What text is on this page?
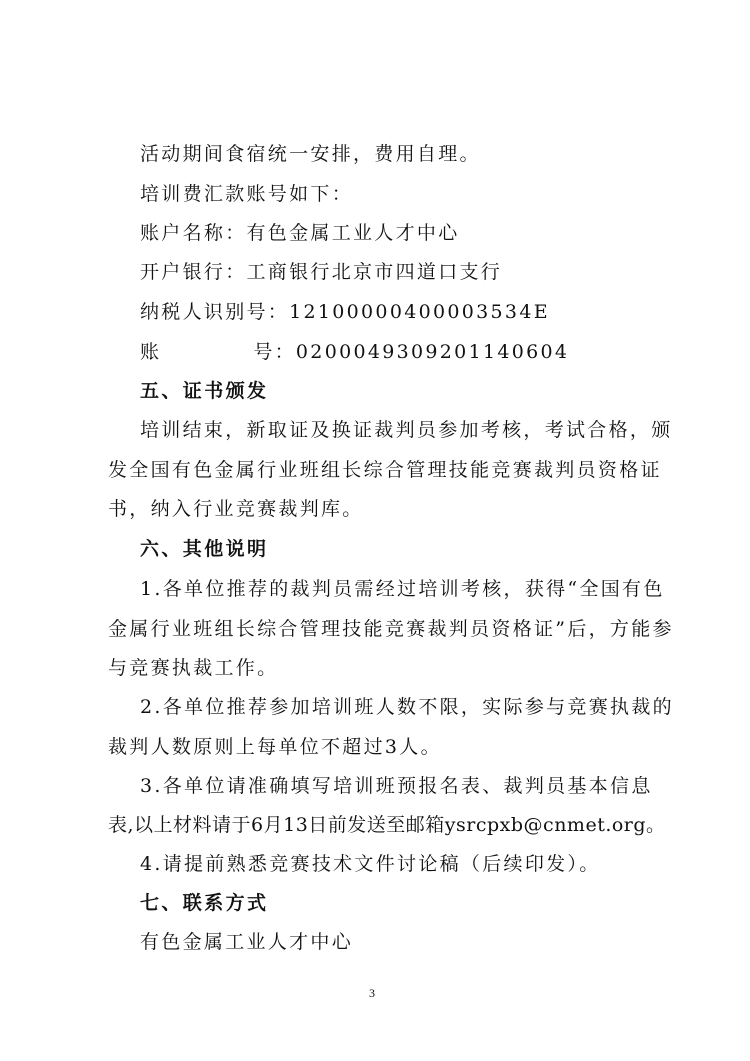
活动期间食宿统一安排，费用自理。
培训费汇款账号如下：
账户名称：有色金属工业人才中心
开户银行：工商银行北京市四道口支行
纳税人识别号：12100000400003534E
账	号：020004930920114060​4
五、证书颁发
培训结束，新取证及换证裁判员参加考核，考试合格，颁
发全国有色金属行业班组长综合管理技能竞赛裁判员资格证
书，纳入行业竞赛裁判库。
六、其他说明
1.各单位推荐的裁判员需经过培训考核，获得“全国有色
金属行业班组长综合管理技能竞赛裁判员资格证”后，方能参
与竞赛执裁工作。
2.各单位推荐参加培训班人数不限，实际参与竞赛执裁的
裁判人数原则上每单位不超过3人。
3.各单位请准确填写培训班预报名表、裁判员基本信息
表,以上材料请于6月13日前发送至邮箱ysrcpxb@cnmet.org。
4.请提前熟悉竞赛技术文件讨论稿（后续印发）。
七、联系方式
有色金属工业人才中心
3
